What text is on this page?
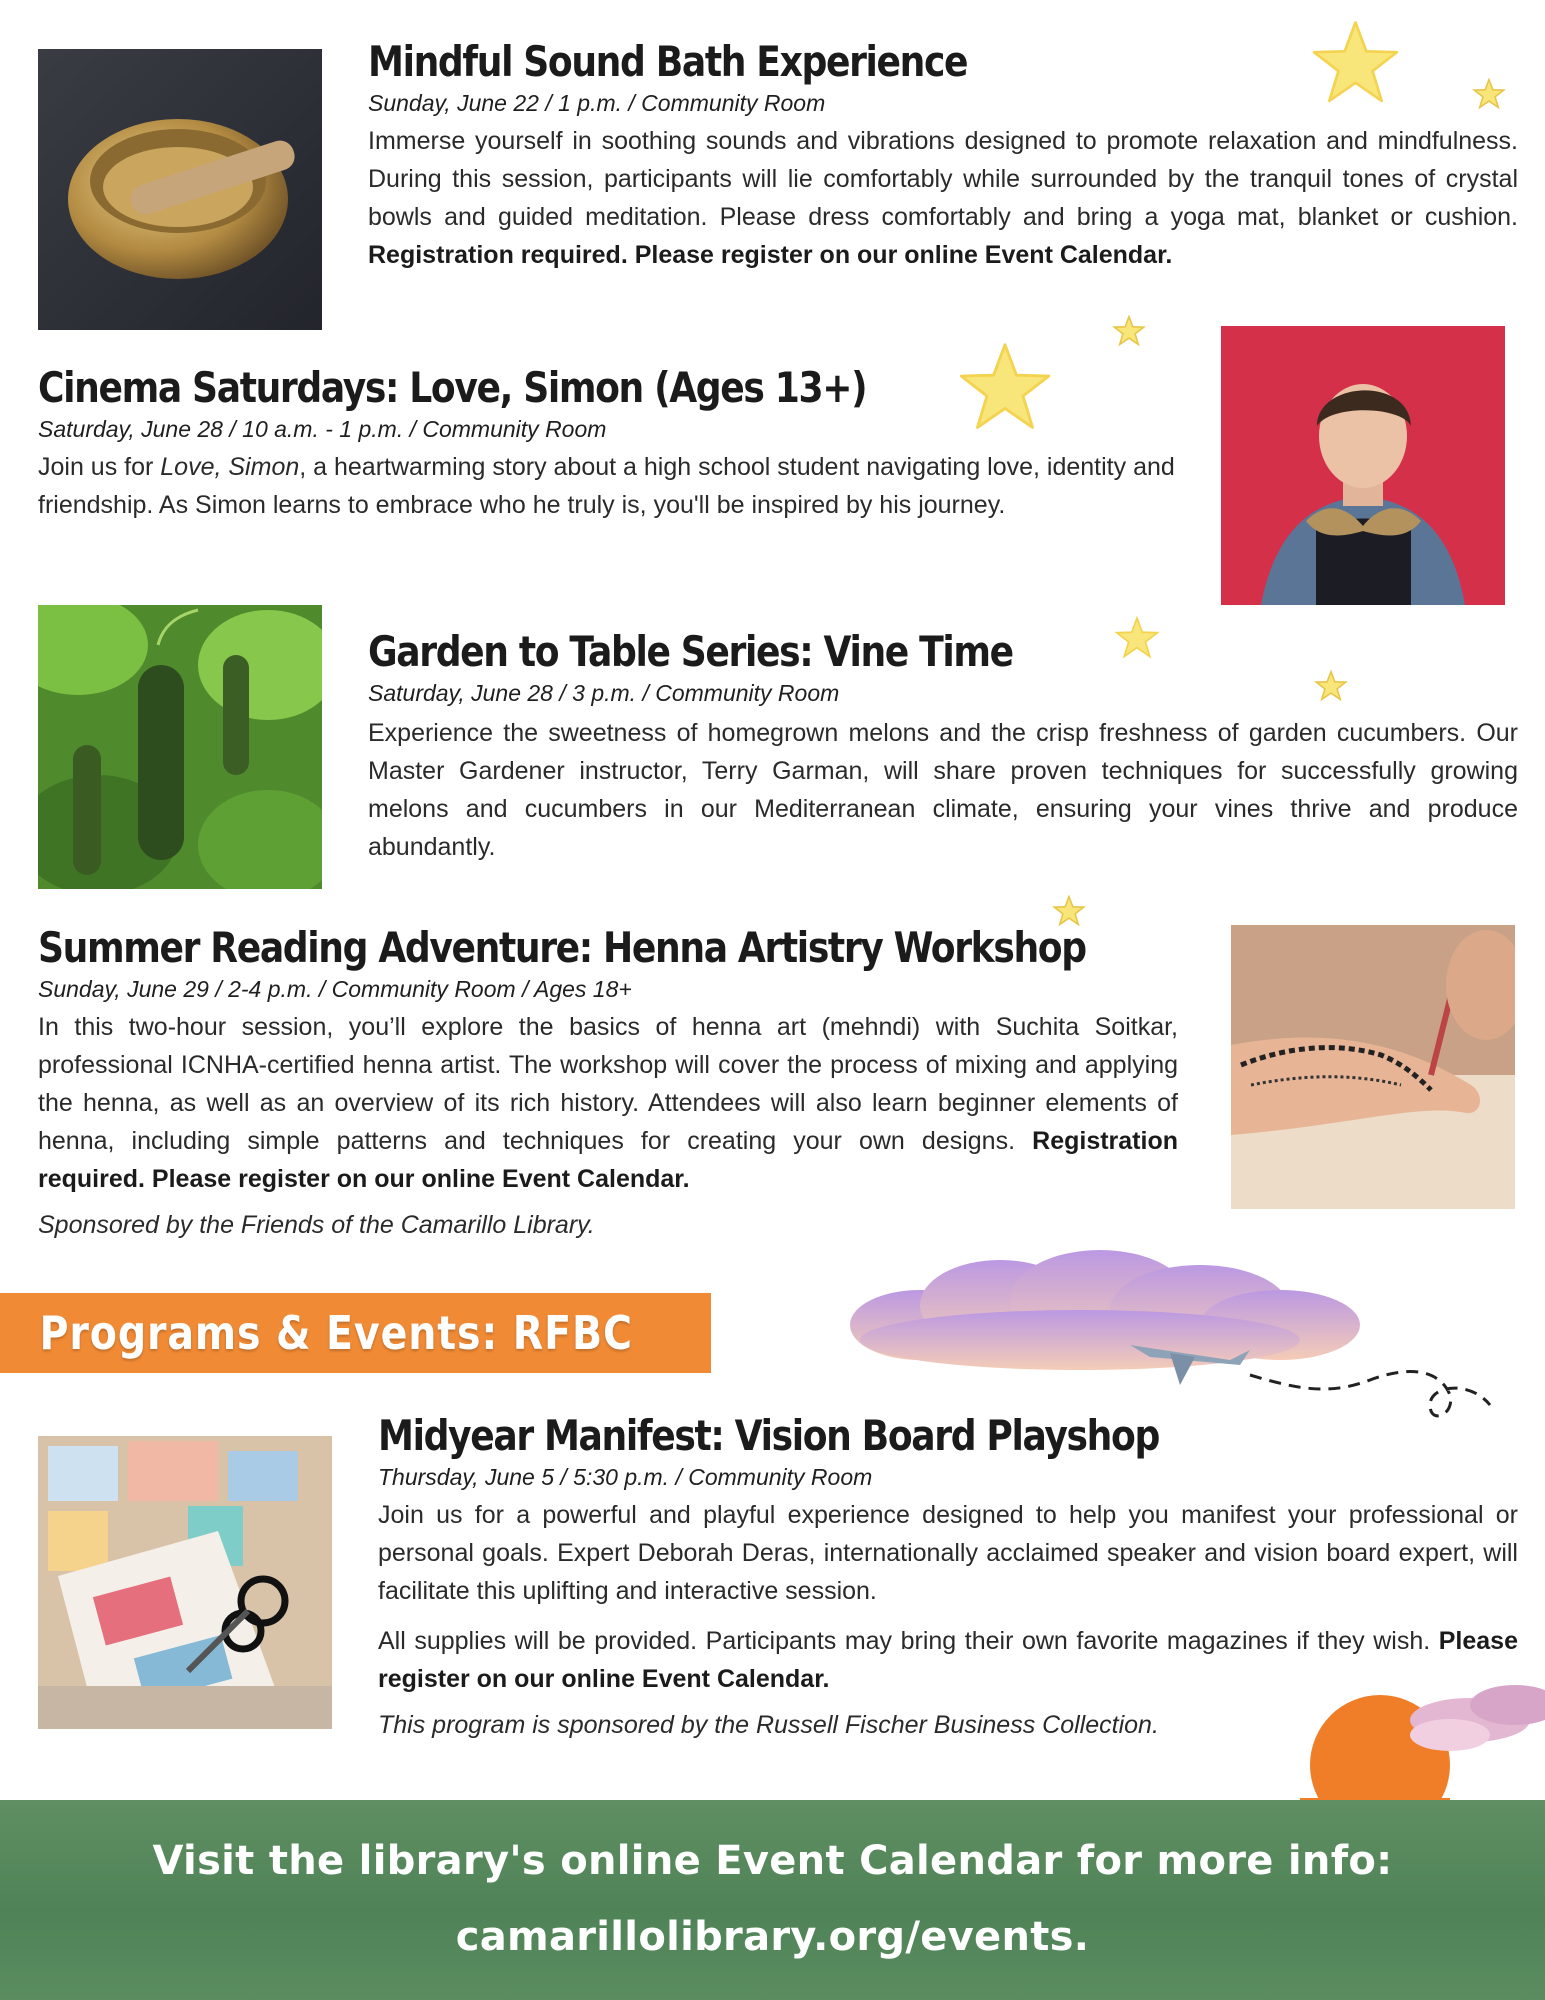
Mindful Sound Bath Experience

Sunday, June 22 / 1 p.m. / Community Room

Immerse yourself in soothing sounds and vibrations designed to promote relaxation and mindfulness. During this session, participants will lie comfortably while surrounded by the tranquil tones of crystal bowls and guided meditation. Please dress comfortably and bring a yoga mat, blanket or cushion. Registration required. Please register on our online Event Calendar.

Cinema Saturdays: Love, Simon (Ages 13+)

Saturday, June 28 / 10 a.m. - 1 p.m. / Community Room

Join us for Love, Simon, a heartwarming story about a high school student navigating love, identity and friendship. As Simon learns to embrace who he truly is, you'll be inspired by his journey.

Garden to Table Series: Vine Time

Saturday, June 28 / 3 p.m. / Community Room

Experience the sweetness of homegrown melons and the crisp freshness of garden cucumbers. Our Master Gardener instructor, Terry Garman, will share proven techniques for successfully growing melons and cucumbers in our Mediterranean climate, ensuring your vines thrive and produce abundantly.

Summer Reading Adventure: Henna Artistry Workshop

Sunday, June 29 / 2-4 p.m. / Community Room / Ages 18+

In this two-hour session, you’ll explore the basics of henna art (mehndi) with Suchita Soitkar, professional ICNHA-certified henna artist. The workshop will cover the process of mixing and applying the henna, as well as an overview of its rich history. Attendees will also learn beginner elements of henna, including simple patterns and techniques for creating your own designs. Registration required. Please register on our online Event Calendar.

Sponsored by the Friends of the Camarillo Library.

Programs & Events: RFBC
Midyear Manifest: Vision Board Playshop

Thursday, June 5 / 5:30 p.m. / Community Room

Join us for a powerful and playful experience designed to help you manifest your professional or personal goals. Expert Deborah Deras, internationally acclaimed speaker and vision board expert, will facilitate this uplifting and interactive session.

All supplies will be provided. Participants may bring their own favorite magazines if they wish. Please register on our online Event Calendar.

This program is sponsored by the Russell Fischer Business Collection.

Visit the library's online Event Calendar for more info:

camarillolibrary.org/events.
